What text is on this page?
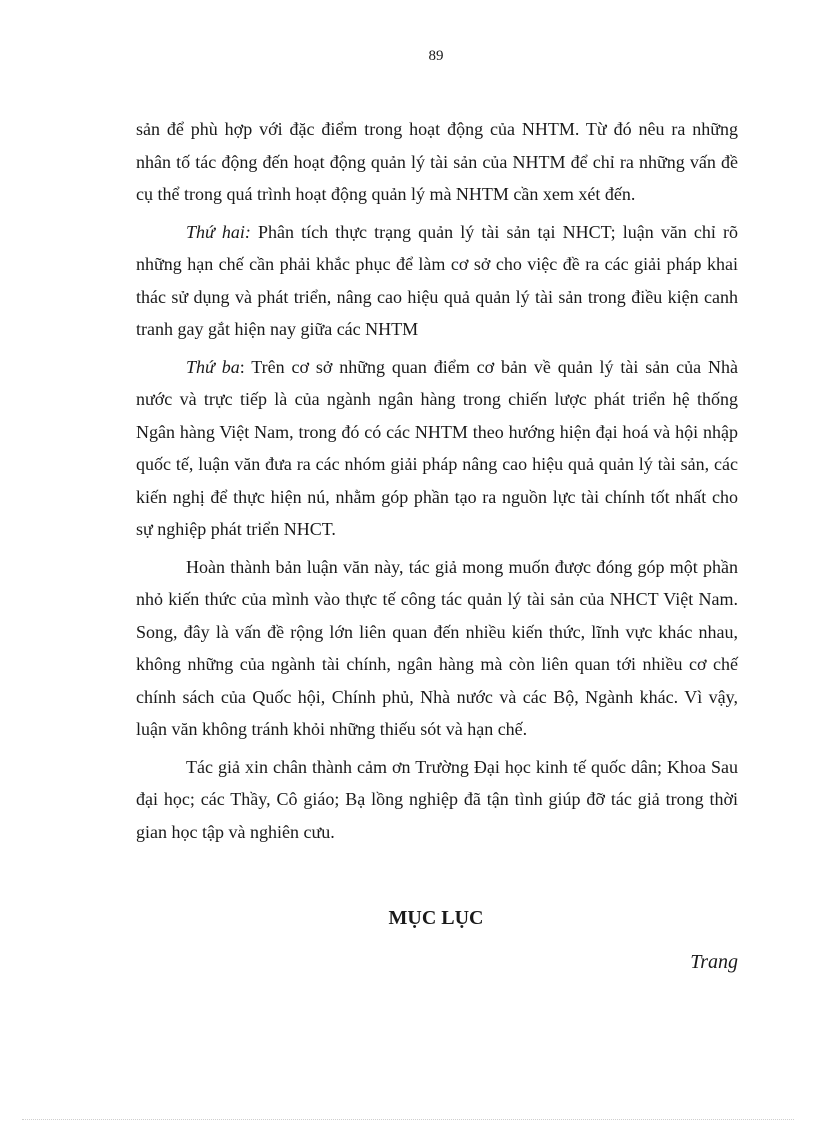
89

sản để phù hợp với đặc điểm trong hoạt động của NHTM. Từ đó nêu ra những nhân tố tác động đến hoạt động quản lý tài sản của NHTM để chỉ ra những vấn đề cụ thể trong quá trình hoạt động quản lý mà NHTM cần xem xét đến.

Thứ hai: Phân tích thực trạng quản lý tài sản tại NHCT; luận văn chỉ rõ những hạn chế cần phải khắc phục để làm cơ sở cho việc đề ra các giải pháp khai thác sử dụng và phát triển, nâng cao hiệu quả quản lý tài sản trong điều kiện canh tranh gay gắt hiện nay giữa các NHTM

Thứ ba: Trên cơ sở những quan điểm cơ bản về quản lý tài sản của Nhà nước và trực tiếp là của ngành ngân hàng trong chiến lược phát triển hệ thống Ngân hàng Việt Nam, trong đó có các NHTM theo hướng hiện đại hoá và hội nhập quốc tế, luận văn đưa ra các nhóm giải pháp nâng cao hiệu quả quản lý tài sản, các kiến nghị để thực hiện nú, nhằm góp phần tạo ra nguồn lực tài chính tốt nhất cho sự nghiệp phát triển NHCT.

Hoàn thành bản luận văn này, tác giả mong muốn được đóng góp một phần nhỏ kiến thức của mình vào thực tế công tác quản lý tài sản của NHCT Việt Nam. Song, đây là vấn đề rộng lớn liên quan đến nhiều kiến thức, lĩnh vực khác nhau, không những của ngành tài chính, ngân hàng mà còn liên quan tới nhiều cơ chế chính sách của Quốc hội, Chính phủ, Nhà nước và các Bộ, Ngành khác. Vì vậy, luận văn không tránh khỏi những thiếu sót và hạn chế.

Tác giả xin chân thành cảm ơn Trường Đại học kinh tế quốc dân; Khoa Sau đại học; các Thầy, Cô giáo; Bạ lồng nghiệp đã tận tình giúp đỡ tác giả trong thời gian học tập và nghiên cưu.

MỤC LỤC
Trang
